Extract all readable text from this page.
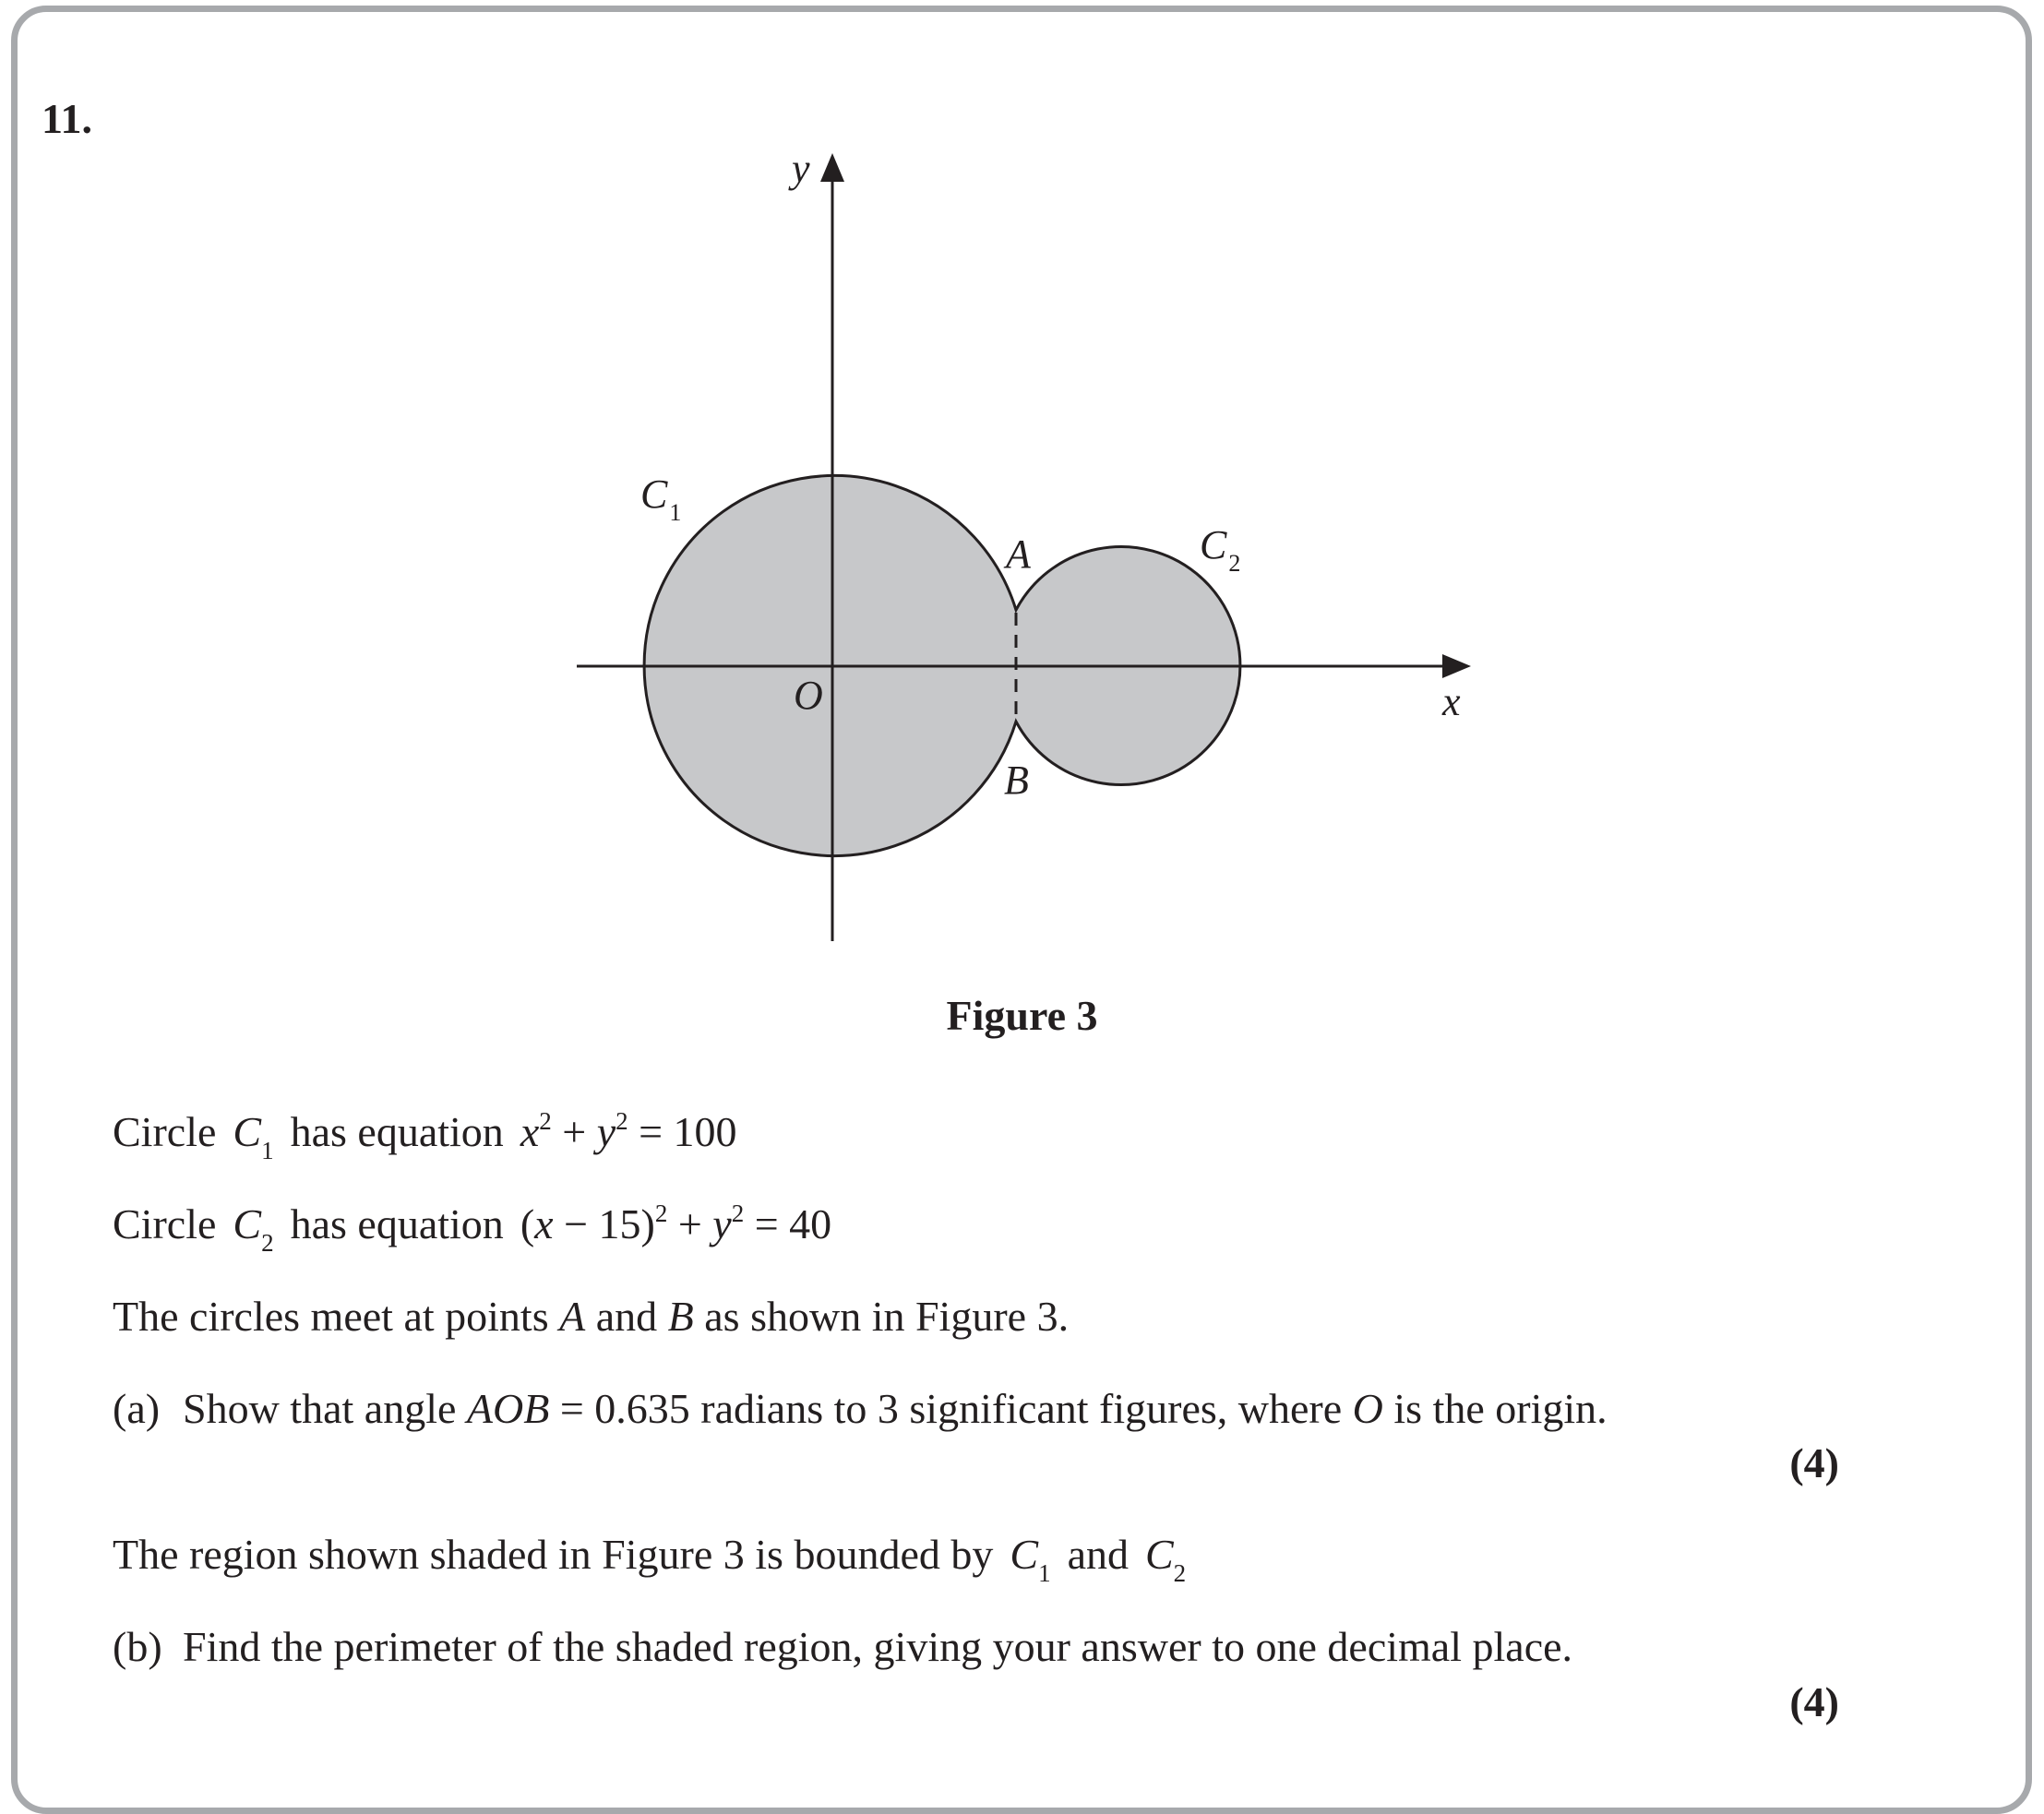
11.
y
x
O
A
B
$C_1$
$C_2$
Figure 3
Circle $C_1$ has equation $x^2 + y^2 = 100$
Circle $C_2$ has equation $(x - 15)^2 + y^2 = 40$
The circles meet at points A and B as shown in Figure 3.
(a) Show that angle AOB = 0.635 radians to 3 significant figures, where O is the origin.
(4)
The region shown shaded in Figure 3 is bounded by $C_1$ and $C_2$
(b) Find the perimeter of the shaded region, giving your answer to one decimal place.
(4)
